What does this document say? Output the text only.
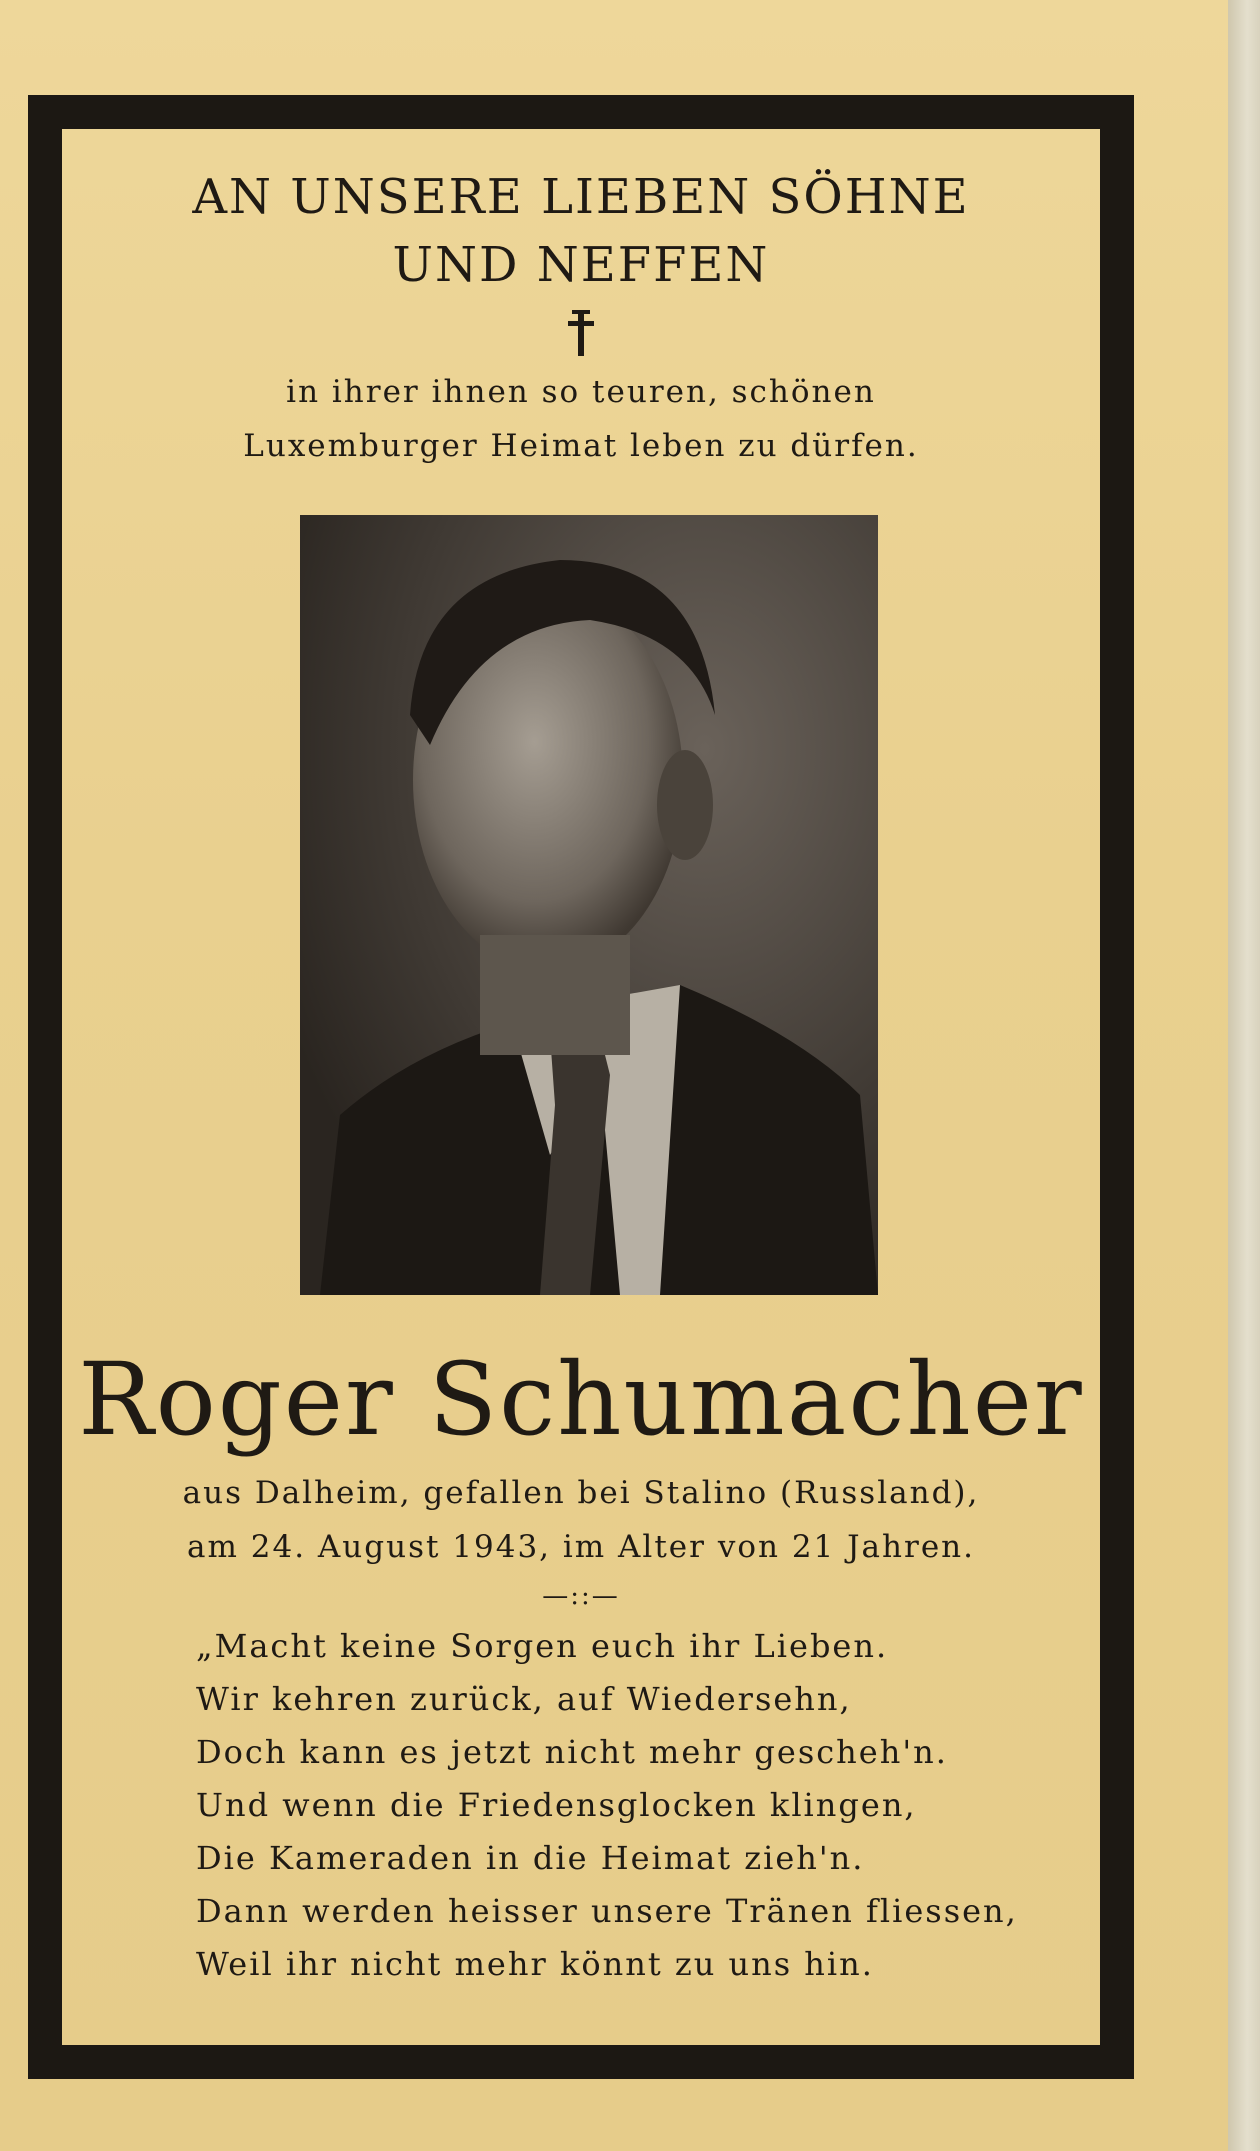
AN UNSERE LIEBEN SÖHNE
UND NEFFEN
in ihrer ihnen so teuren, schönen
Luxemburger Heimat leben zu dürfen.
Roger Schumacher
aus Dalheim, gefallen bei Stalino (Russland),
am 24. August 1943, im Alter von 21 Jahren.
—::—
„Macht keine Sorgen euch ihr Lieben.
Wir kehren zurück, auf Wiedersehn,
Doch kann es jetzt nicht mehr gescheh'n.
Und wenn die Friedensglocken klingen,
Die Kameraden in die Heimat zieh'n.
Dann werden heisser unsere Tränen fliessen,
Weil ihr nicht mehr könnt zu uns hin.
